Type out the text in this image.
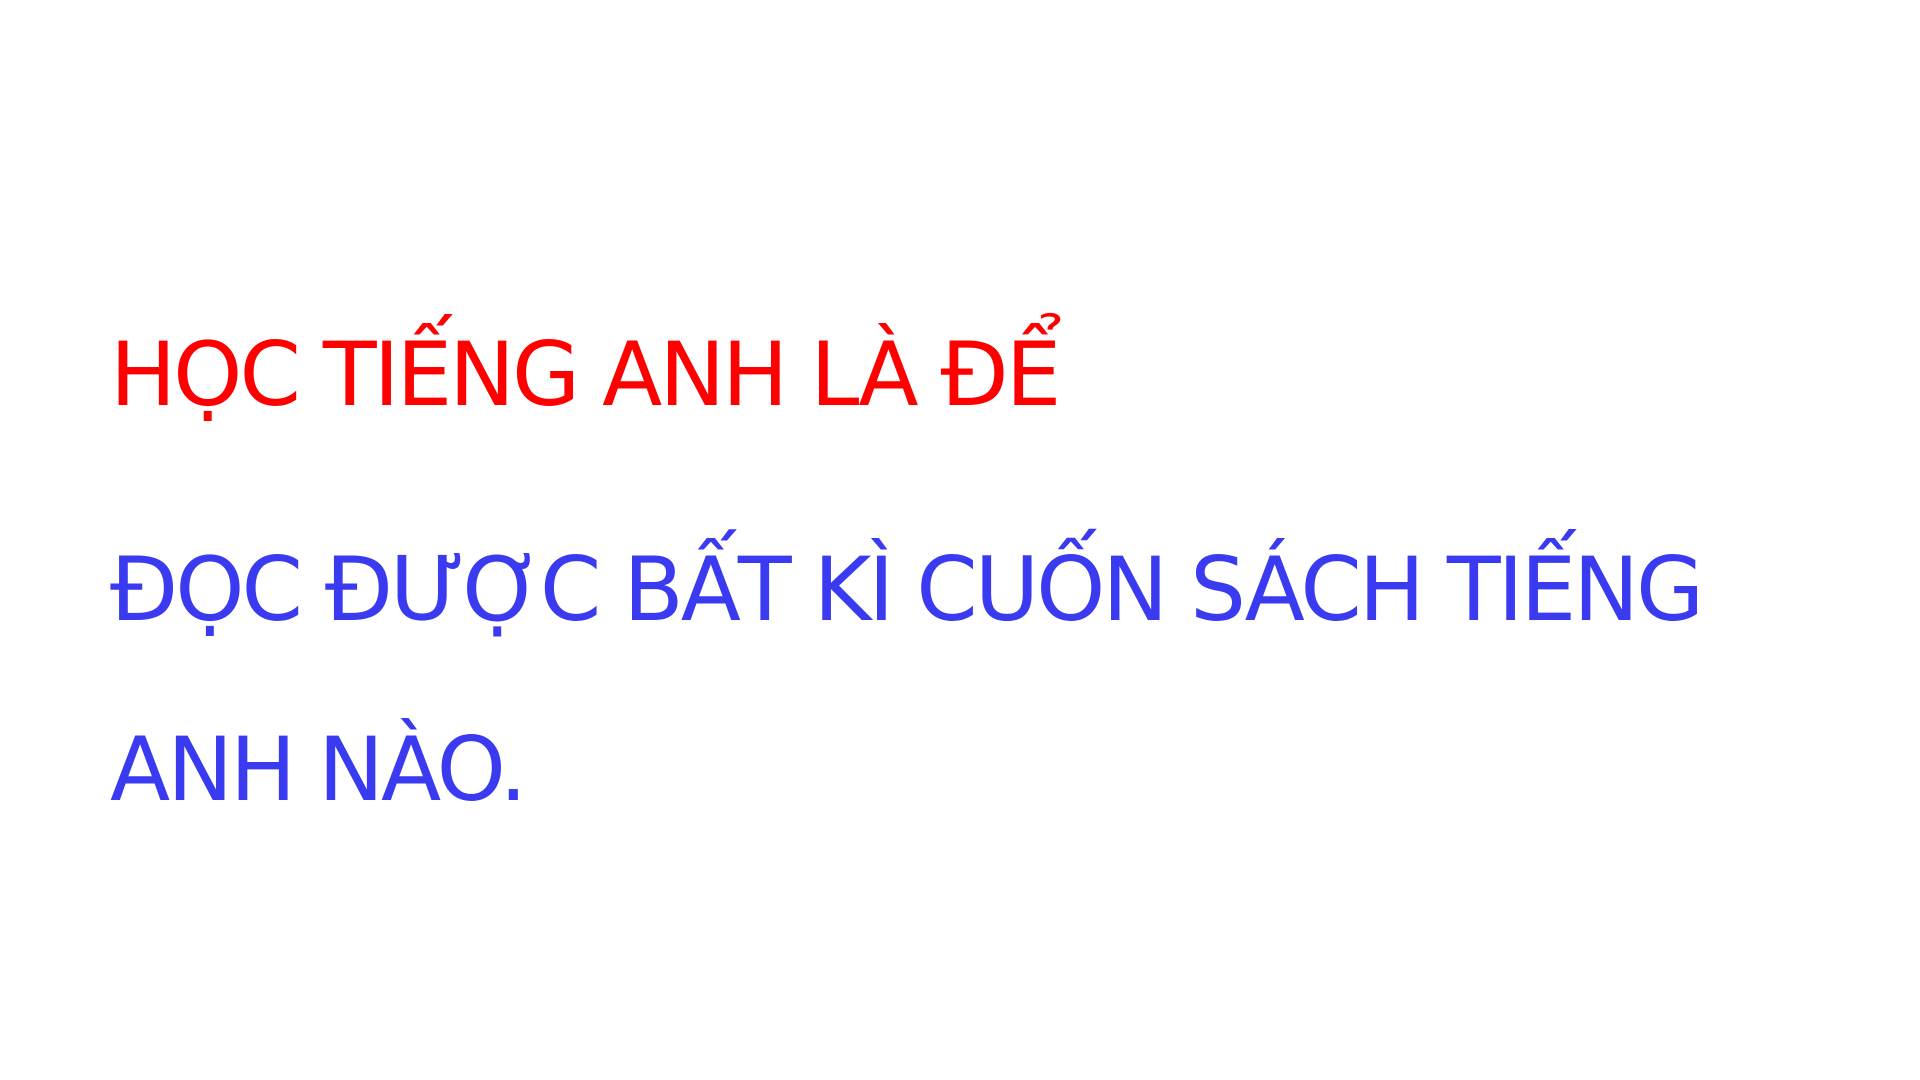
HỌC TIẾNG ANH LÀ ĐỂ

ĐỌC ĐƯỢC BẤT KÌ CUỐN SÁCH TIẾNG ANH NÀO.
